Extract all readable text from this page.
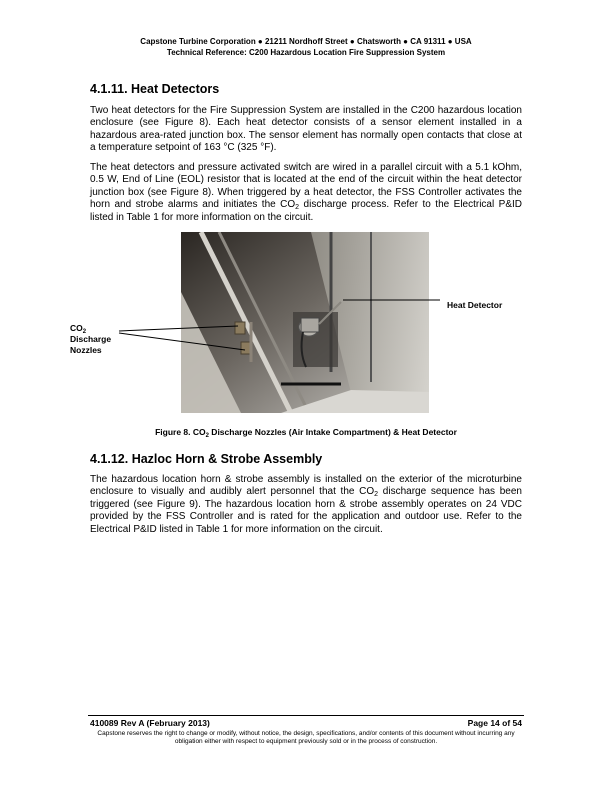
Capstone Turbine Corporation ● 21211 Nordhoff Street ● Chatsworth ● CA 91311 ● USA
Technical Reference: C200 Hazardous Location Fire Suppression System
4.1.11. Heat Detectors

Two heat detectors for the Fire Suppression System are installed in the C200 hazardous location enclosure (see Figure 8). Each heat detector consists of a sensor element installed in a hazardous area-rated junction box. The sensor element has normally open contacts that close at a temperature setpoint of 163 °C (325 °F).

The heat detectors and pressure activated switch are wired in a parallel circuit with a 5.1 kOhm, 0.5 W, End of Line (EOL) resistor that is located at the end of the circuit within the heat detector junction box (see Figure 8). When triggered by a heat detector, the FSS Controller activates the horn and strobe alarms and initiates the $CO_2$ discharge process. Refer to the Electrical P&ID listed in Table 1 for more information on the circuit.

Heat Detector
$CO_2$ Discharge Nozzles
Figure 8. $CO_2$ Discharge Nozzles (Air Intake Compartment) & Heat Detector
4.1.12. Hazloc Horn & Strobe Assembly

The hazardous location horn & strobe assembly is installed on the exterior of the microturbine enclosure to visually and audibly alert personnel that the $CO_2$ discharge sequence has been triggered (see Figure 9). The hazardous location horn & strobe assembly operates on 24 VDC provided by the FSS Controller and is rated for the application and outdoor use. Refer to the Electrical P&ID listed in Table 1 for more information on the circuit.

410089 Rev A (February 2013)	Page 14 of 54
Capstone reserves the right to change or modify, without notice, the design, specifications, and/or contents of this document without incurring any obligation either with respect to equipment previously sold or in the process of construction.
